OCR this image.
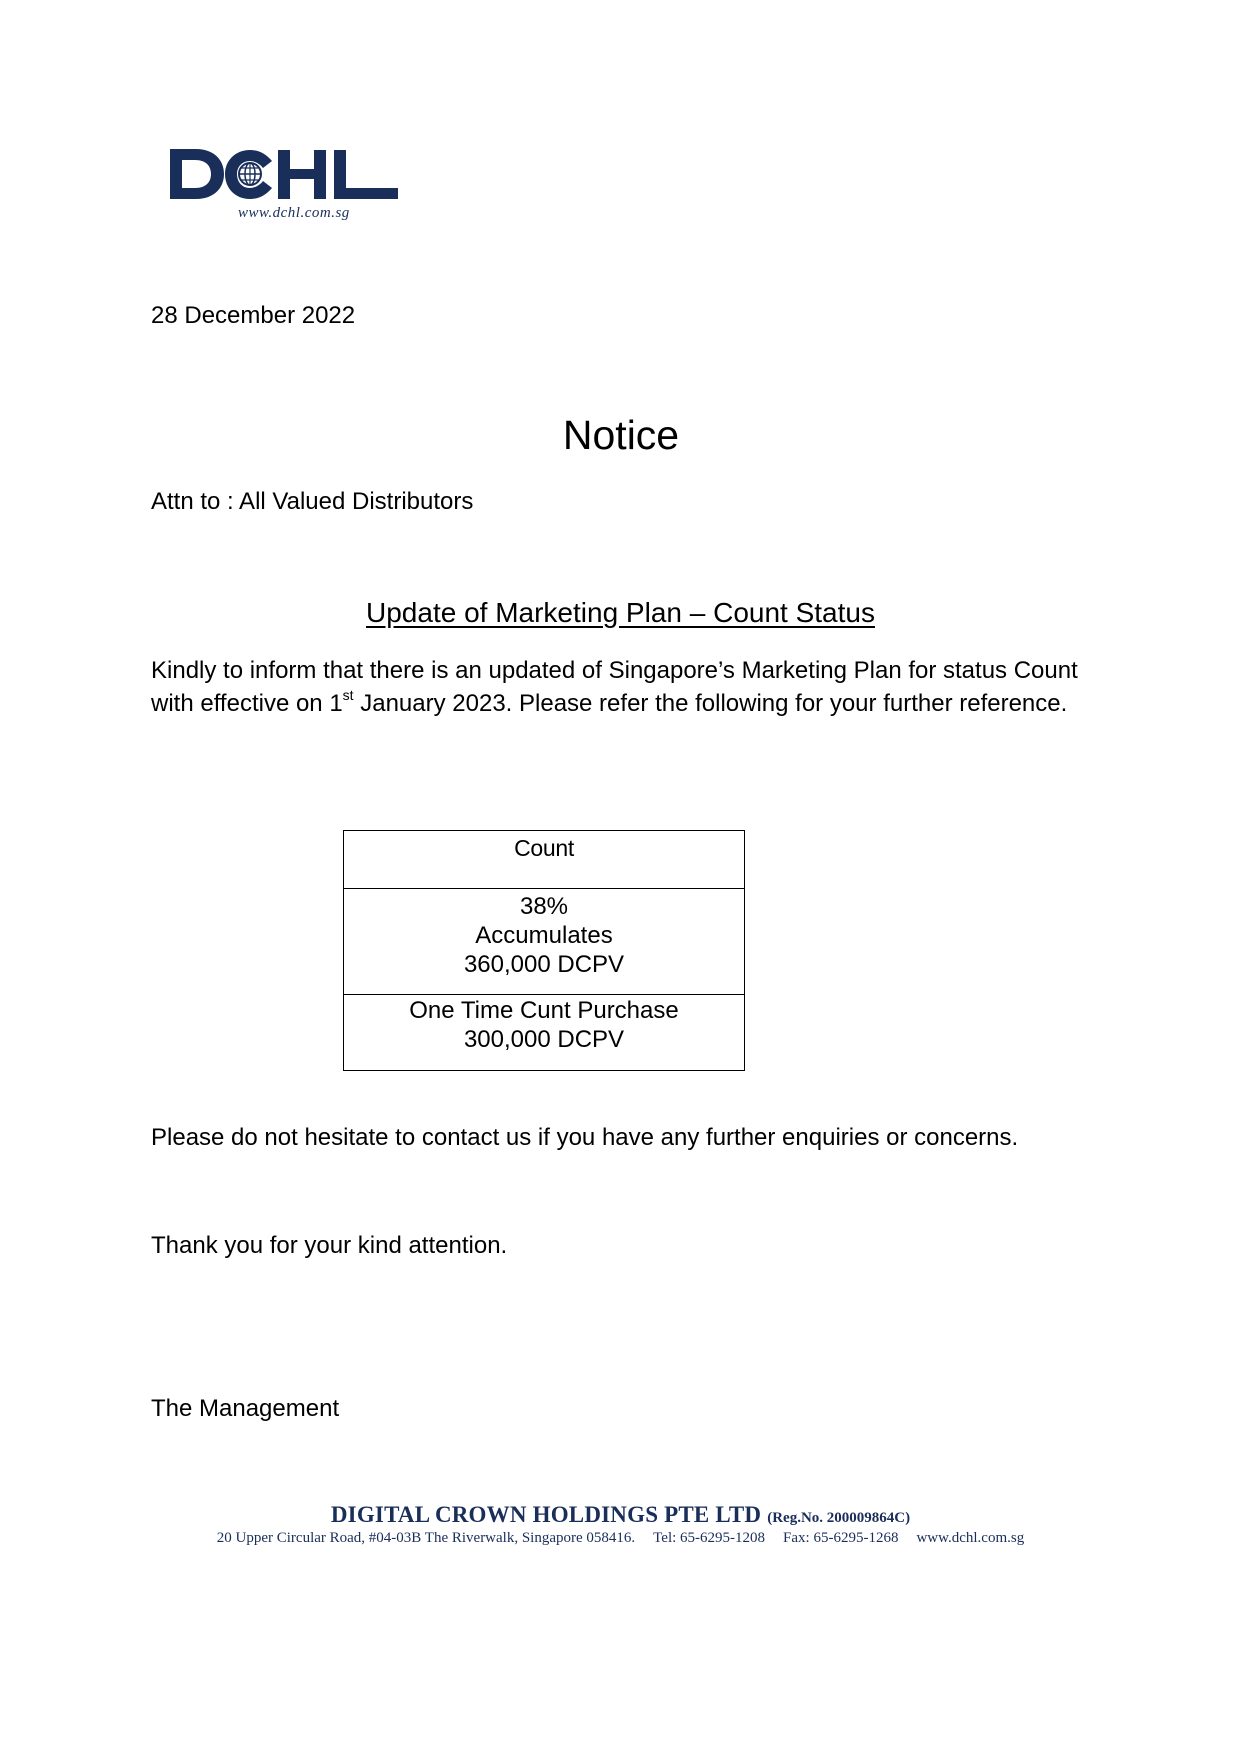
www.dchl.com.sg
28 December 2022
Notice
Attn to : All Valued Distributors
Update of Marketing Plan – Count Status
Kindly to inform that there is an updated of Singapore’s Marketing Plan for status Count with effective on 1st January 2023. Please refer the following for your further reference.
Count

38%
Accumulates
360,000 DCPV

One Time Cunt Purchase
300,000 DCPV
Please do not hesitate to contact us if you have any further enquiries or concerns.
Thank you for your kind attention.
The Management
DIGITAL CROWN HOLDINGS PTE LTD (Reg.No. 200009864C)
20 Upper Circular Road, #04-03B The Riverwalk, Singapore 058416. Tel: 65-6295-1208 Fax: 65-6295-1268 www.dchl.com.sg
